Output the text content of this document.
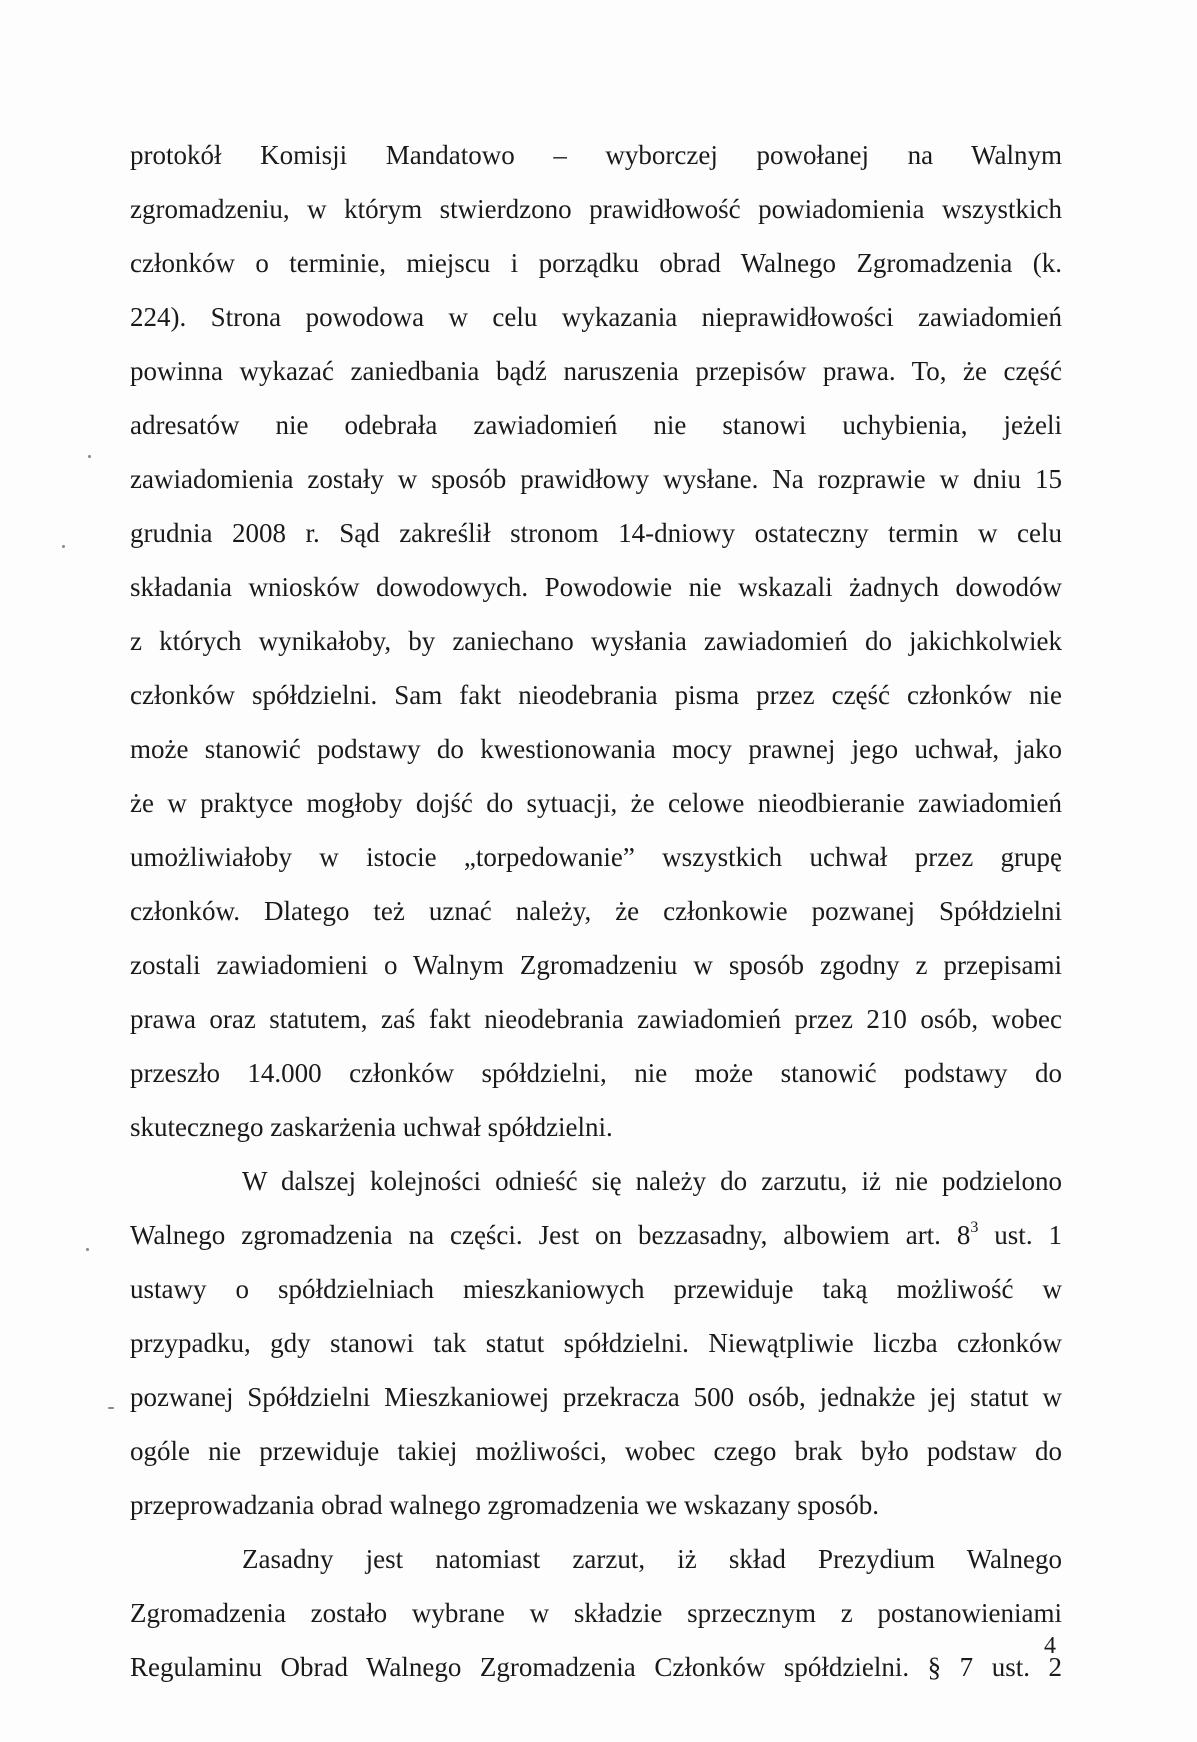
protokół Komisji Mandatowo – wyborczej powołanej na Walnym
zgromadzeniu, w którym stwierdzono prawidłowość powiadomienia wszystkich
członków o terminie, miejscu i porządku obrad Walnego Zgromadzenia (k.
224). Strona powodowa w celu wykazania nieprawidłowości zawiadomień
powinna wykazać zaniedbania bądź naruszenia przepisów prawa. To, że część
adresatów nie odebrała zawiadomień nie stanowi uchybienia, jeżeli
zawiadomienia zostały w sposób prawidłowy wysłane. Na rozprawie w dniu 15
grudnia 2008 r. Sąd zakreślił stronom 14-dniowy ostateczny termin w celu
składania wniosków dowodowych. Powodowie nie wskazali żadnych dowodów
z których wynikałoby, by zaniechano wysłania zawiadomień do jakichkolwiek
członków spółdzielni. Sam fakt nieodebrania pisma przez część członków nie
może stanowić podstawy do kwestionowania mocy prawnej jego uchwał, jako
że w praktyce mogłoby dojść do sytuacji, że celowe nieodbieranie zawiadomień
umożliwiałoby w istocie „torpedowanie” wszystkich uchwał przez grupę
członków. Dlatego też uznać należy, że członkowie pozwanej Spółdzielni
zostali zawiadomieni o Walnym Zgromadzeniu w sposób zgodny z przepisami
prawa oraz statutem, zaś fakt nieodebrania zawiadomień przez 210 osób, wobec
przeszło 14.000 członków spółdzielni, nie może stanowić podstawy do
skutecznego zaskarżenia uchwał spółdzielni.
W dalszej kolejności odnieść się należy do zarzutu, iż nie podzielono
Walnego zgromadzenia na części. Jest on bezzasadny, albowiem art. $8^3$ ust. 1
ustawy o spółdzielniach mieszkaniowych przewiduje taką możliwość w
przypadku, gdy stanowi tak statut spółdzielni. Niewątpliwie liczba członków
pozwanej Spółdzielni Mieszkaniowej przekracza 500 osób, jednakże jej statut w
ogóle nie przewiduje takiej możliwości, wobec czego brak było podstaw do
przeprowadzania obrad walnego zgromadzenia we wskazany sposób.
Zasadny jest natomiast zarzut, iż skład Prezydium Walnego
Zgromadzenia zostało wybrane w składzie sprzecznym z postanowieniami
Regulaminu Obrad Walnego Zgromadzenia Członków spółdzielni. § 7 ust. 2
4
